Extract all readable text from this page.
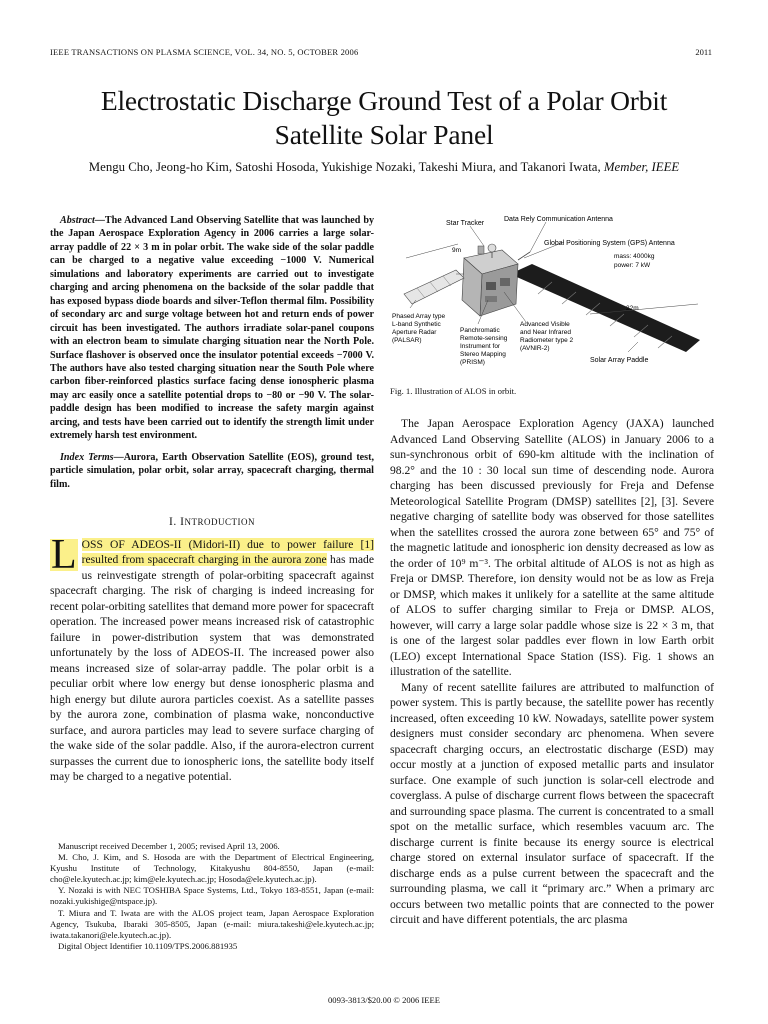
IEEE TRANSACTIONS ON PLASMA SCIENCE, VOL. 34, NO. 5, OCTOBER 2006	2011
Electrostatic Discharge Ground Test of a Polar Orbit
Satellite Solar Panel
Mengu Cho, Jeong-ho Kim, Satoshi Hosoda, Yukishige Nozaki, Takeshi Miura, and Takanori Iwata, Member, IEEE

Abstract—The Advanced Land Observing Satellite that was launched by the Japan Aerospace Exploration Agency in 2006 carries a large solar-array paddle of 22 × 3 m in polar orbit. The wake side of the solar paddle can be charged to a negative value exceeding −1000 V. Numerical simulations and laboratory experiments are carried out to investigate charging and arcing phenomena on the backside of the solar paddle that has exposed bypass diode boards and silver-Teflon thermal film. Possibility of secondary arc and surge voltage between hot and return ends of power circuit has been investigated. The authors irradiate solar-panel coupons with an electron beam to simulate charging situation near the North Pole. Surface flashover is observed once the insulator potential exceeds −7000 V. The authors have also tested charging situation near the South Pole where carbon fiber-reinforced plastics surface facing dense ionospheric plasma may arc easily once a satellite potential drops to −80 or −90 V. The solar-paddle design has been modified to increase the safety margin against arcing, and tests have been carried out to identify the strength limit under extremely harsh test environment.

Index Terms—Aurora, Earth Observation Satellite (EOS), ground test, particle simulation, polar orbit, solar array, spacecraft charging, thermal film.

I. INTRODUCTION

L OSS OF ADEOS-II (Midori-II) due to power failure [1] resulted from spacecraft charging in the aurora zone has made us reinvestigate strength of polar-orbiting spacecraft against spacecraft charging. The risk of charging is indeed increasing for recent polar-orbiting satellites that demand more power for spacecraft operation. The increased power means increased risk of catastrophic failure in power-distribution system that was demonstrated unfortunately by the loss of ADEOS-II. The increased power also means increased size of solar-array paddle. The polar orbit is a peculiar orbit where low energy but dense ionospheric plasma and high energy but dilute aurora particles coexist. As a satellite passes by the aurora zone, combination of plasma wake, nonconductive surface, and aurora particles may lead to severe surface charging of the wake side of the solar paddle. Also, if the aurora-electron current surpasses the current due to ionospheric ions, the satellite body itself may be charged to a negative potential.

Manuscript received December 1, 2005; revised April 13, 2006.

M. Cho, J. Kim, and S. Hosoda are with the Department of Electrical Engineering, Kyushu Institute of Technology, Kitakyushu 804-8550, Japan (e-mail: cho@ele.kyutech.ac.jp; kim@ele.kyutech.ac.jp; Hosoda@ele.kyutech.ac.jp).

Y. Nozaki is with NEC TOSHIBA Space Systems, Ltd., Tokyo 183-8551, Japan (e-mail: nozaki.yukishige@ntspace.jp).

T. Miura and T. Iwata are with the ALOS project team, Japan Aerospace Exploration Agency, Tsukuba, Ibaraki 305-8505, Japan (e-mail: miura.takeshi@ele.kyutech.ac.jp; iwata.takanori@ele.kyutech.ac.jp).

Digital Object Identifier 10.1109/TPS.2006.881935

Star Tracker
Data Rely Communication Antenna
Global Positioning System (GPS) Antenna
mass: 4000kg
power: 7 kW
9m
22m
Phased Array type
L-band Synthetic
Aperture Radar
(PALSAR)
Panchromatic
Remote-sensing
Instrument for
Stereo Mapping
(PRISM)
Advanced Visible
and Near Infrared
Radiometer type 2
(AVNIR-2)
Solar Array Paddle
Fig. 1. Illustration of ALOS in orbit.

The Japan Aerospace Exploration Agency (JAXA) launched Advanced Land Observing Satellite (ALOS) in January 2006 to a sun-synchronous orbit of 690-km altitude with the inclination of 98.2° and the 10 : 30 local sun time of descending node. Aurora charging has been discussed previously for Freja and Defense Meteorological Satellite Program (DMSP) satellites [2], [3]. Severe negative charging of satellite body was observed for those satellites when the satellites crossed the aurora zone between 65° and 75° of the magnetic latitude and ionospheric ion density decreased as low as the order of 10⁹ m⁻³. The orbital altitude of ALOS is not as high as Freja or DMSP. Therefore, ion density would not be as low as Freja or DMSP, which makes it unlikely for a satellite at the same altitude of ALOS to suffer charging similar to Freja or DMSP. ALOS, however, will carry a large solar paddle whose size is 22 × 3 m, that is one of the largest solar paddles ever flown in low Earth orbit (LEO) except International Space Station (ISS). Fig. 1 shows an illustration of the satellite.

Many of recent satellite failures are attributed to malfunction of power system. This is partly because, the satellite power has recently increased, often exceeding 10 kW. Nowadays, satellite power system designers must consider secondary arc phenomena. When severe spacecraft charging occurs, an electrostatic discharge (ESD) may occur mostly at a junction of exposed metallic parts and insulator surface. One example of such junction is solar-cell electrode and coverglass. A pulse of discharge current flows between the spacecraft and surrounding space plasma. The current is concentrated to a small spot on the metallic surface, which resembles vacuum arc. The discharge current is finite because its energy source is electrical charge stored on external insulator surface of spacecraft. If the discharge ends as a pulse current between the spacecraft and the surrounding plasma, we call it “primary arc.” When a primary arc occurs between two metallic points that are connected to the power circuit and have different potentials, the arc plasma

0093-3813/$20.00 © 2006 IEEE
